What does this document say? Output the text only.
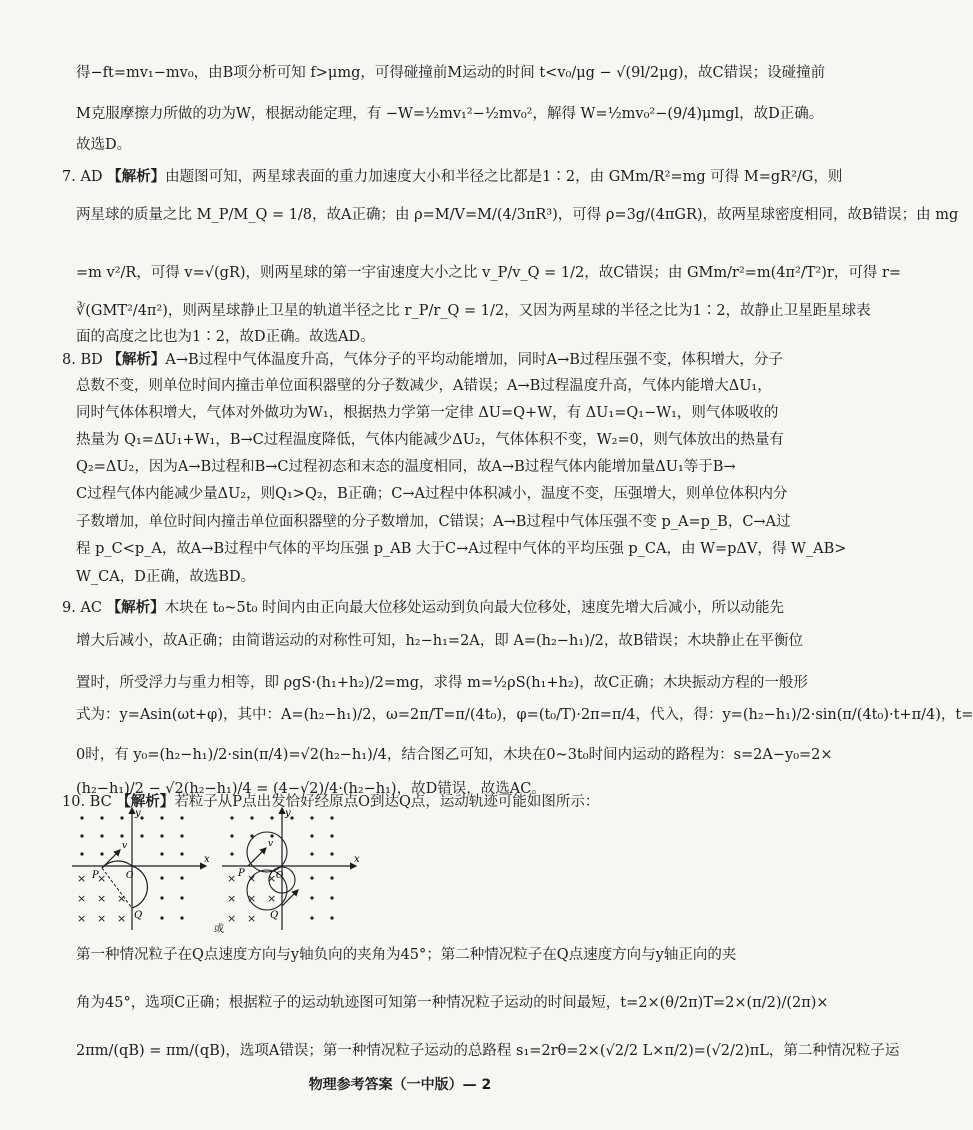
得−ft=mv₁−mv₀，由B项分析可知 f>μmg，可得碰撞前M运动的时间 t<v₀/μg − √(9l/2μg)，故C错误；设碰撞前
M克服摩擦力所做的功为W，根据动能定理，有 −W=½mv₁²−½mv₀²，解得 W=½mv₀²−(9/4)μmgl，故D正确。
故选D。
7. AD 【解析】由题图可知，两星球表面的重力加速度大小和半径之比都是1∶2，由 GMm/R²=mg 可得 M=gR²/G，则
两星球的质量之比 M_P/M_Q = 1/8，故A正确；由 ρ=M/V=M/(4/3πR³)，可得 ρ=3g/(4πGR)，故两星球密度相同，故B错误；由 mg
=m v²/R，可得 v=√(gR)，则两星球的第一宇宙速度大小之比 v_P/v_Q = 1/2，故C错误；由 GMm/r²=m(4π²/T²)r，可得 r=
∛(GMT²/4π²)，则两星球静止卫星的轨道半径之比 r_P/r_Q = 1/2，又因为两星球的半径之比为1∶2，故静止卫星距星球表
面的高度之比也为1∶2，故D正确。故选AD。
8. BD 【解析】A→B过程中气体温度升高，气体分子的平均动能增加，同时A→B过程压强不变，体积增大，分子
总数不变，则单位时间内撞击单位面积器壁的分子数减少，A错误；A→B过程温度升高，气体内能增大ΔU₁，
同时气体体积增大，气体对外做功为W₁，根据热力学第一定律 ΔU=Q+W，有 ΔU₁=Q₁−W₁，则气体吸收的
热量为 Q₁=ΔU₁+W₁，B→C过程温度降低，气体内能减少ΔU₂，气体体积不变，W₂=0，则气体放出的热量有
Q₂=ΔU₂，因为A→B过程和B→C过程初态和末态的温度相同，故A→B过程气体内能增加量ΔU₁等于B→
C过程气体内能减少量ΔU₂，则Q₁>Q₂，B正确；C→A过程中体积减小，温度不变，压强增大，则单位体积内分
子数增加，单位时间内撞击单位面积器壁的分子数增加，C错误；A→B过程中气体压强不变 p_A=p_B，C→A过
程 p_C<p_A，故A→B过程中气体的平均压强 p_AB 大于C→A过程中气体的平均压强 p_CA，由 W=pΔV，得 W_AB>
W_CA，D正确，故选BD。
9. AC 【解析】木块在 t₀~5t₀ 时间内由正向最大位移处运动到负向最大位移处，速度先增大后减小，所以动能先
增大后减小，故A正确；由简谐运动的对称性可知，h₂−h₁=2A，即 A=(h₂−h₁)/2，故B错误；木块静止在平衡位
置时，所受浮力与重力相等，即 ρgS·(h₁+h₂)/2=mg，求得 m=½ρS(h₁+h₂)，故C正确；木块振动方程的一般形
式为：y=Asin(ωt+φ)，其中：A=(h₂−h₁)/2，ω=2π/T=π/(4t₀)，φ=(t₀/T)·2π=π/4，代入，得：y=(h₂−h₁)/2·sin(π/(4t₀)·t+π/4)，t=
0时，有 y₀=(h₂−h₁)/2·sin(π/4)=√2(h₂−h₁)/4，结合图乙可知，木块在0~3t₀时间内运动的路程为：s=2A−y₀=2×
(h₂−h₁)/2 − √2(h₂−h₁)/4 = (4−√2)/4·(h₂−h₁)，故D错误，故选AC。
10. BC 【解析】若粒子从P点出发恰好经原点O到达Q点，运动轨迹可能如图所示：
×
×
×
×
×
×
×
×
y
x
O
P
Q
v
×
×
×
×
×
×
×
×
y
x
O
P
Q
v
或
第一种情况粒子在Q点速度方向与y轴负向的夹角为45°；第二种情况粒子在Q点速度方向与y轴正向的夹
角为45°，选项C正确；根据粒子的运动轨迹图可知第一种情况粒子运动的时间最短，t=2×(θ/2π)T=2×(π/2)/(2π)×
2πm/(qB) = πm/(qB)，选项A错误；第一种情况粒子运动的总路程 s₁=2rθ=2×(√2/2 L×π/2)=(√2/2)πL，第二种情况粒子运
物理参考答案（一中版）— 2
